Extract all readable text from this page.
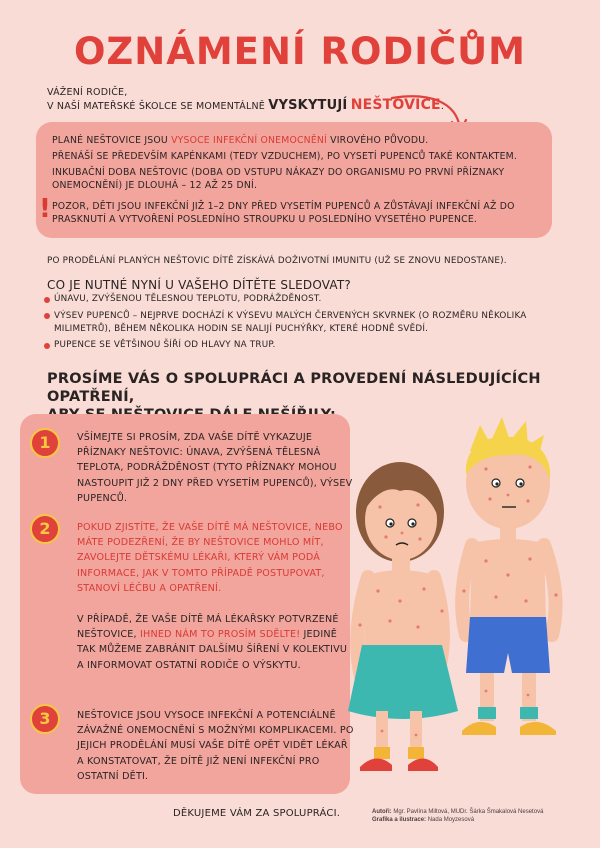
OZNÁMENÍ RODIČŮM
VÁŽENÍ RODIČE,
V NAŠÍ MATEŘSKÉ ŠKOLCE SE MOMENTÁLNĚ VYSKYTUJÍ NEŠTOVICE.
!

PLANÉ NEŠTOVICE JSOU VYSOCE INFEKČNÍ ONEMOCNĚNÍ VIROVÉHO PŮVODU.

PŘENÁŠÍ SE PŘEDEVŠÍM KAPÉNKAMI (TEDY VZDUCHEM), PO VYSETÍ PUPENCŮ TAKÉ KONTAKTEM.

INKUBAČNÍ DOBA NEŠTOVIC (DOBA OD VSTUPU NÁKAZY DO ORGANISMU PO PRVNÍ PŘÍZNAKY ONEMOCNĚNÍ) JE DLOUHÁ – 12 AŽ 25 DNÍ.

POZOR, DĚTI JSOU INFEKČNÍ JIŽ 1–2 DNY PŘED VYSETÍM PUPENCŮ A ZŮSTÁVAJÍ INFEKČNÍ AŽ DO PRASKNUTÍ A VYTVOŘENÍ POSLEDNÍHO STROUPKU U POSLEDNÍHO VYSETÉHO PUPENCE.

PO PRODĚLÁNÍ PLANÝCH NEŠTOVIC DÍTĚ ZÍSKÁVÁ DOŽIVOTNÍ IMUNITU (UŽ SE ZNOVU NEDOSTANE).
CO JE NUTNÉ NYNÍ U VAŠEHO DÍTĚTE SLEDOVAT?
ÚNAVU, ZVÝŠENOU TĚLESNOU TEPLOTU, PODRÁŽDĚNOST.
VÝSEV PUPENCŮ – NEJPRVE DOCHÁZÍ K VÝSEVU MALÝCH ČERVENÝCH SKVRNEK (O ROZMĚRU NĚKOLIKA MILIMETRŮ), BĚHEM NĚKOLIKA HODIN SE NALIJÍ PUCHÝŘKY, KTERÉ HODNĚ SVĚDÍ.
PUPENCE SE VĚTŠINOU ŠÍŘÍ OD HLAVY NA TRUP.
PROSÍME VÁS O SPOLUPRÁCI A PROVEDENÍ NÁSLEDUJÍCÍCH OPATŘENÍ,
1	VŠÍMEJTE SI PROSÍM, ZDA VAŠE DÍTĚ VYKAZUJE PŘÍZNAKY NEŠTOVIC: ÚNAVA, ZVÝŠENÁ TĚLESNÁ TEPLOTA, PODRÁŽDĚNOST (TYTO PŘÍZNAKY MOHOU NASTOUPIT JIŽ 2 DNY PŘED VYSETÍM PUPENCŮ), VÝSEV PUPENCŮ.

2	POKUD ZJISTÍTE, ŽE VAŠE DÍTĚ MÁ NEŠTOVICE, NEBO MÁTE PODEZŘENÍ, ŽE BY NEŠTOVICE MOHLO MÍT, ZAVOLEJTE DĚTSKÉMU LÉKAŘI, KTERÝ VÁM PODÁ INFORMACE, JAK V TOMTO PŘÍPADĚ POSTUPOVAT, STANOVÍ LÉČBU A OPATŘENÍ.

V PŘÍPADĚ, ŽE VAŠE DÍTĚ MÁ LÉKAŘSKY POTVRZENÉ NEŠTOVICE, IHNED NÁM TO PROSÍM SDĚLTE! JEDINĚ TAK MŮŽEME ZABRÁNIT DALŠÍMU ŠÍŘENÍ V KOLEKTIVU A INFORMOVAT OSTATNÍ RODIČE O VÝSKYTU.

3	NEŠTOVICE JSOU VYSOCE INFEKČNÍ A POTENCIÁLNĚ ZÁVAŽNÉ ONEMOCNĚNÍ S MOŽNÝMI KOMPLIKACEMI. PO JEJICH PRODĚLÁNÍ MUSÍ VAŠE DÍTĚ OPĚT VIDĚT LÉKAŘ A KONSTATOVAT, ŽE DÍTĚ JIŽ NENÍ INFEKČNÍ PRO OSTATNÍ DĚTI.

DĚKUJEME VÁM ZA SPOLUPRÁCI.	Autoři: Mgr. Pavlína Miltová, MUDr. Šárka Šmakalová Nesetová
Grafika a ilustrace: Nada Moyzesová
